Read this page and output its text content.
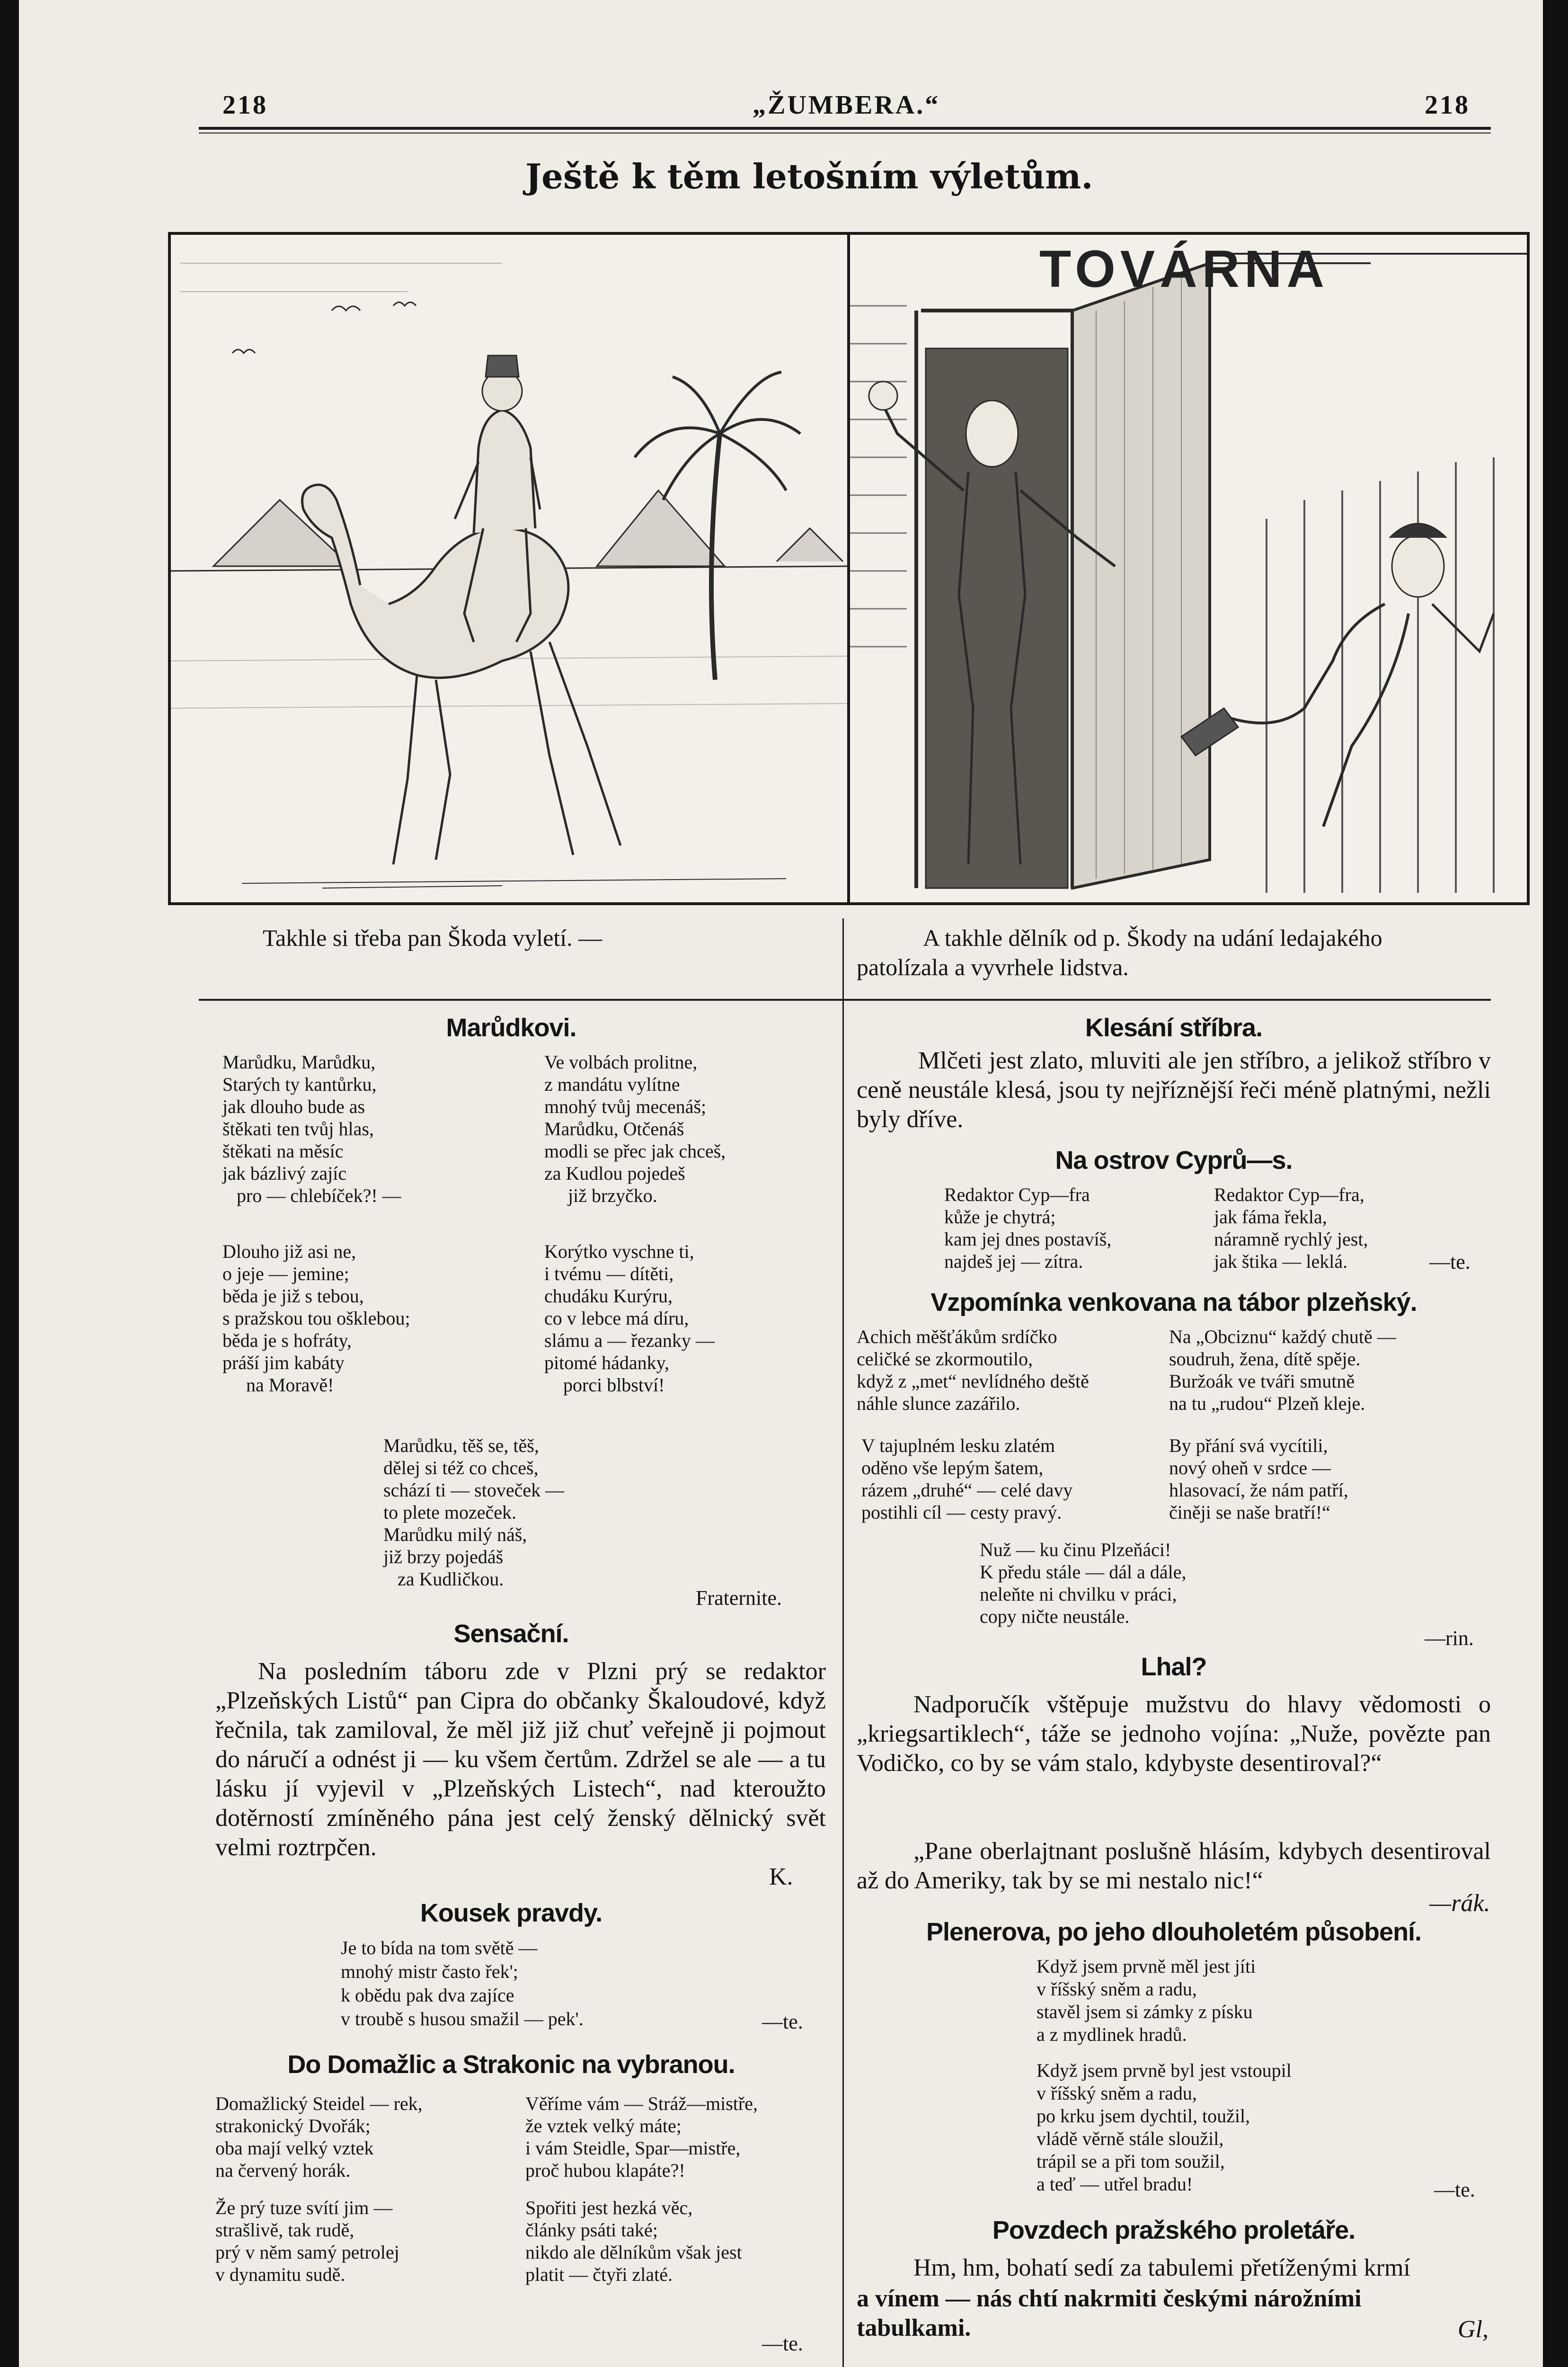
218	„ŽUMBERA.“	218
Ještě k těm letošním výletům.
TOVÁRNA
Takhle si třeba pan Škoda vyletí. —	A takhle dělník od p. Škody na udání ledajakého
patolízala a vyvrhele lidstva.
Marůdkovi.
Marůdku, Marůdku,
Starých ty kantůrku,
jak dlouho bude as
štěkati ten tvůj hlas,
štěkati na měsíc
jak bázlivý zajíc
pro — chlebíček?! —
Ve volbách prolitne,
z mandátu vylítne
mnohý tvůj mecenáš;
Marůdku, Otčenáš
modli se přec jak chceš,
za Kudlou pojedeš
již brzyčko.
Dlouho již asi ne,
o jeje — jemine;
běda je již s tebou,
s pražskou tou ošklebou;
běda je s hofráty,
práší jim kabáty
na Moravě!
Korýtko vyschne ti,
i tvému — dítěti,
chudáku Kurýru,
co v lebce má díru,
slámu a — řezanky —
pitomé hádanky,
porci blbství!
Marůdku, těš se, těš,
dělej si též co chceš,
schází ti — stoveček —
to plete mozeček.
Marůdku milý náš,
již brzy pojedáš
za Kudličkou.
Fraternite.
Sensační.
Na posledním táboru zde v Plzni prý se redaktor „Plzeňských Listů“ pan Cipra do občanky Škaloudové, když řečnila, tak zamiloval, že měl již již chuť veřejně ji pojmout do náručí a odnést ji — ku všem čertům. Zdržel se ale — a tu lásku jí vyjevil v „Plzeňských Listech“, nad kteroužto dotěrností zmíněného pána jest celý ženský dělnický svět velmi roztrpčen.
K.
Kousek pravdy.
Je to bída na tom světě —
mnohý mistr často řek';
k obědu pak dva zajíce
v troubě s husou smažil — pek'.	—te.
Do Domažlic a Strakonic na vybranou.
Domažlický Steidel — rek,
strakonický Dvořák;
oba mají velký vztek
na červený horák.
Věříme vám — Stráž—mistře,
že vztek velký máte;
i vám Steidle, Spar—mistře,
proč hubou klapáte?!
Že prý tuze svítí jim —
strašlivě, tak rudě,
prý v něm samý petrolej
v dynamitu sudě.
Spořiti jest hezká věc,
články psáti také;
nikdo ale dělníkům však jest
platit — čtyři zlaté.
—te.
Klesání stříbra.
Mlčeti jest zlato, mluviti ale jen stříbro, a jelikož stříbro v ceně neustále klesá, jsou ty nejříznější řeči méně platnými, nežli byly dříve.
Na ostrov Cyprů—s.
Redaktor Cyp—fra
kůže je chytrá;
kam jej dnes postavíš,
najdeš jej — zítra.
Redaktor Cyp—fra,
jak fáma řekla,
náramně rychlý jest,
jak štika — leklá.	—te.
Vzpomínka venkovana na tábor plzeňský.
Achich měšťákům srdíčko
celičké se zkormoutilo,
když z „met“ nevlídného deště
náhle slunce zazářilo.
Na „Obciznu“ každý chutě —
soudruh, žena, dítě spěje.
Buržoák ve tváři smutně
na tu „rudou“ Plzeň kleje.
V tajuplném lesku zlatém
oděno vše lepým šatem,
rázem „druhé“ — celé davy
postihli cíl — cesty pravý.
By přání svá vycítili,
nový oheň v srdce —
hlasovací, že nám patří,
činěji se naše bratří!“
Nuž — ku činu Plzeňáci!
K předu stále — dál a dále,
neleňte ni chvilku v práci,
copy ničte neustále.
—rin.
Lhal?
Nadporučík vštěpuje mužstvu do hlavy vědomosti o „kriegsartiklech“, táže se jednoho vojína: „Nuže, povězte pan Vodičko, co by se vám stalo, kdybyste desentiroval?“
„Pane oberlajtnant poslušně hlásím, kdybych desentiroval až do Ameriky, tak by se mi nestalo nic!“
—rák.
Plenerova, po jeho dlouholetém působení.
Když jsem prvně měl jest jíti
v říšský sněm a radu,
stavěl jsem si zámky z písku
a z mydlinek hradů.
Když jsem prvně byl jest vstoupil
v říšský sněm a radu,
po krku jsem dychtil, toužil,
vládě věrně stále sloužil,
trápil se a při tom soužil,
a teď — utřel bradu!	—te.
Povzdech pražského proletáře.
Hm, hm, bohatí sedí za tabulemi přetíženými krmí
a vínem — nás chtí nakrmiti českými nárožními tabulkami.	Gl,
